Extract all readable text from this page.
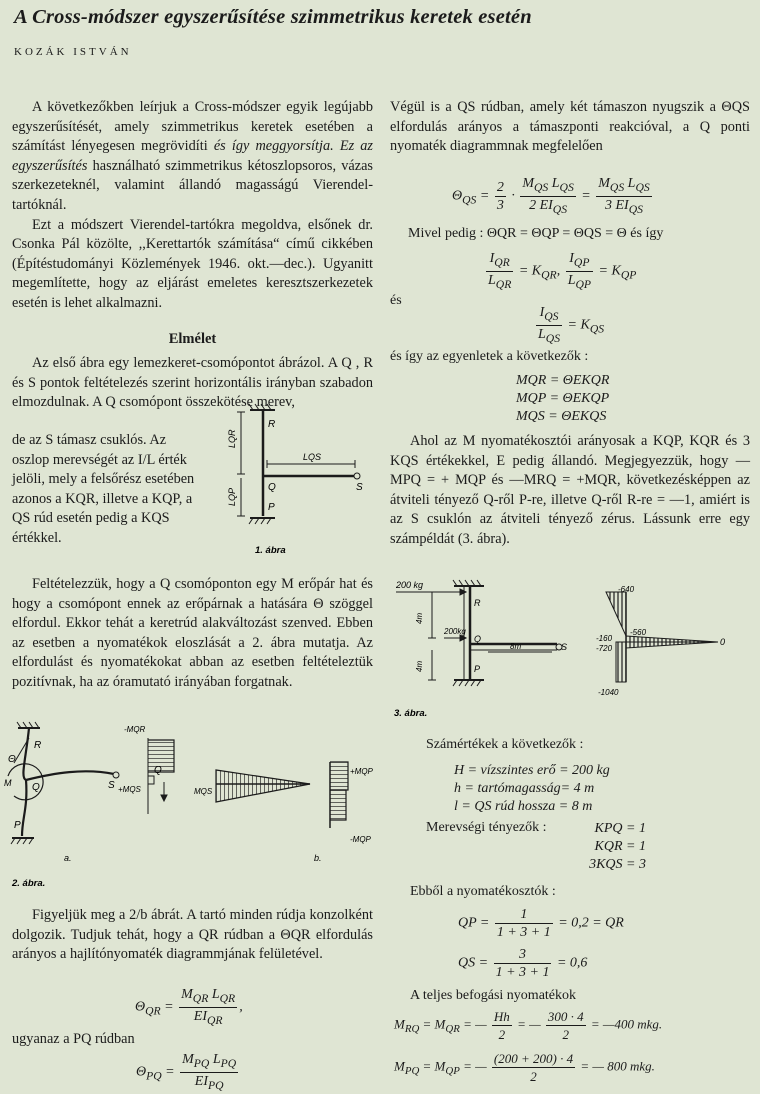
A Cross-módszer egyszerűsítése szimmetrikus keretek esetén
KOZÁK ISTVÁN

A következőkben leírjuk a Cross-módszer egyik legújabb egyszerűsítését, amely szimmetrikus keretek esetében a számítást lényegesen megrövidíti és így meggyorsítja. Ez az egyszerűsítés használható szimmetrikus kétoszlopsoros, vázas szerkezeteknél, valamint állandó magasságú Vierendel-tartóknál.

Ezt a módszert Vierendel-tartókra megoldva, elsőnek dr. Csonka Pál közölte, ,,Kerettartók számítása“ című cikkében (Építéstudományi Közlemények 1946. okt.—dec.). Ugyanitt megemlítette, hogy az eljárást emeletes keresztszerkezetek esetén is lehet alkalmazni.

Elmélet

Az első ábra egy lemezkeret-csomópontot ábrázol. A Q , R és S pontok feltételezés szerint horizontális irányban szabadon elmozdulnak. A Q csomópont összekötése merev,

de az S támasz csuklós. Az oszlop merevségét az I/L érték jelöli, mely a felsőrész esetében azonos a KQR, illetve a KQP, a QS rúd esetén pedig a KQS értékkel.

R
Q
P
S
LQS
LQR
LQP
1. ábra

Feltételezzük, hogy a Q csomóponton egy M erőpár hat és hogy a csomópont ennek az erőpárnak a hatására Θ szöggel elfordul. Ekkor tehát a keretrúd alakváltozást szenved. Ebben az esetben a nyomatékok eloszlását a 2. ábra mutatja. Az elfordulást és nyomatékokat abban az esetben feltételeztük pozitívnak, ha az óramutató irányában forgatnak.

R
Q
P
S
Θ
M
-MQR
+MQS
+MQP
-MQP
Q
MQS
a.	b.
2. ábra.

Figyeljük meg a 2/b ábrát. A tartó minden rúdja konzolként dolgozik. Tudjuk tehát, hogy a QR rúdban a ΘQR elfordulás arányos a hajlítónyomaték diagrammjának felületével.

$\Theta_{QR} = \frac{M_{QR} L_{QR}}{EI_{QR}}$ ,

ugyanaz a PQ rúdban

$\Theta_{PQ} = \frac{M_{PQ} L_{PQ}}{EI_{PQ}}$

Végül is a QS rúdban, amely két támaszon nyugszik a ΘQS elfordulás arányos a támaszponti reakcióval, a Q ponti nyomaték diagrammnak megfelelően

$\Theta_{QS} = \frac{2}{3} \cdot \frac{M_{QS} L_{QS}}{2 EI_{QS}} = \frac{M_{QS} L_{QS}}{3 EI_{QS}}$
Mivel pedig : ΘQR = ΘQP = ΘQS = Θ és így
$\frac{I_{QR}}{L_{QR}} = K_{QR}$, $\frac{I_{QP}}{L_{QP}} = K_{QP}$
és
$\frac{I_{QS}}{L_{QS}} = K_{QS}$
és így az egyenletek a következők :
MQR = ΘEKQR
MQP = ΘEKQP
MQS = ΘEKQS

Ahol az M nyomatékosztói arányosak a KQP, KQR és 3 KQS értékekkel, E pedig állandó. Megjegyezzük, hogy —MPQ = + MQP és —MRQ = +MQR, következésképpen az átviteli tényező Q-ről P-re, illetve Q-ről R-re = —1, amiért is az S csuklón az átviteli tényező zérus. Lássunk erre egy számpéldát (3. ábra).

200 kg
200kg
4m
4m
8m
R
Q
P
S
-640
-560
-160
-720
-1040
0
3. ábra.
Számértékek a következők :
H = vízszintes erő = 200 kg
h = tartómagasság= 4 m
l = QS rúd hossza = 8 m
Merevségi tényezők :	KPQ = 1
KQR = 1
3KQS = 3
Ebből a nyomatékosztók :
QP = $\frac{1}{1 + 3 + 1} = 0,2$ = QR
QS = $\frac{3}{1 + 3 + 1} = 0,6$
A teljes befogási nyomatékok
$M_{RQ} = M_{QR}$ = — $\frac{Hh}{2}$ = — $\frac{300 \cdot 4}{2}$ = —400 mkg.
$M_{PQ} = M_{QP}$ = — $\frac{(200 + 200) \cdot 4}{2}$ = — 800 mkg.
